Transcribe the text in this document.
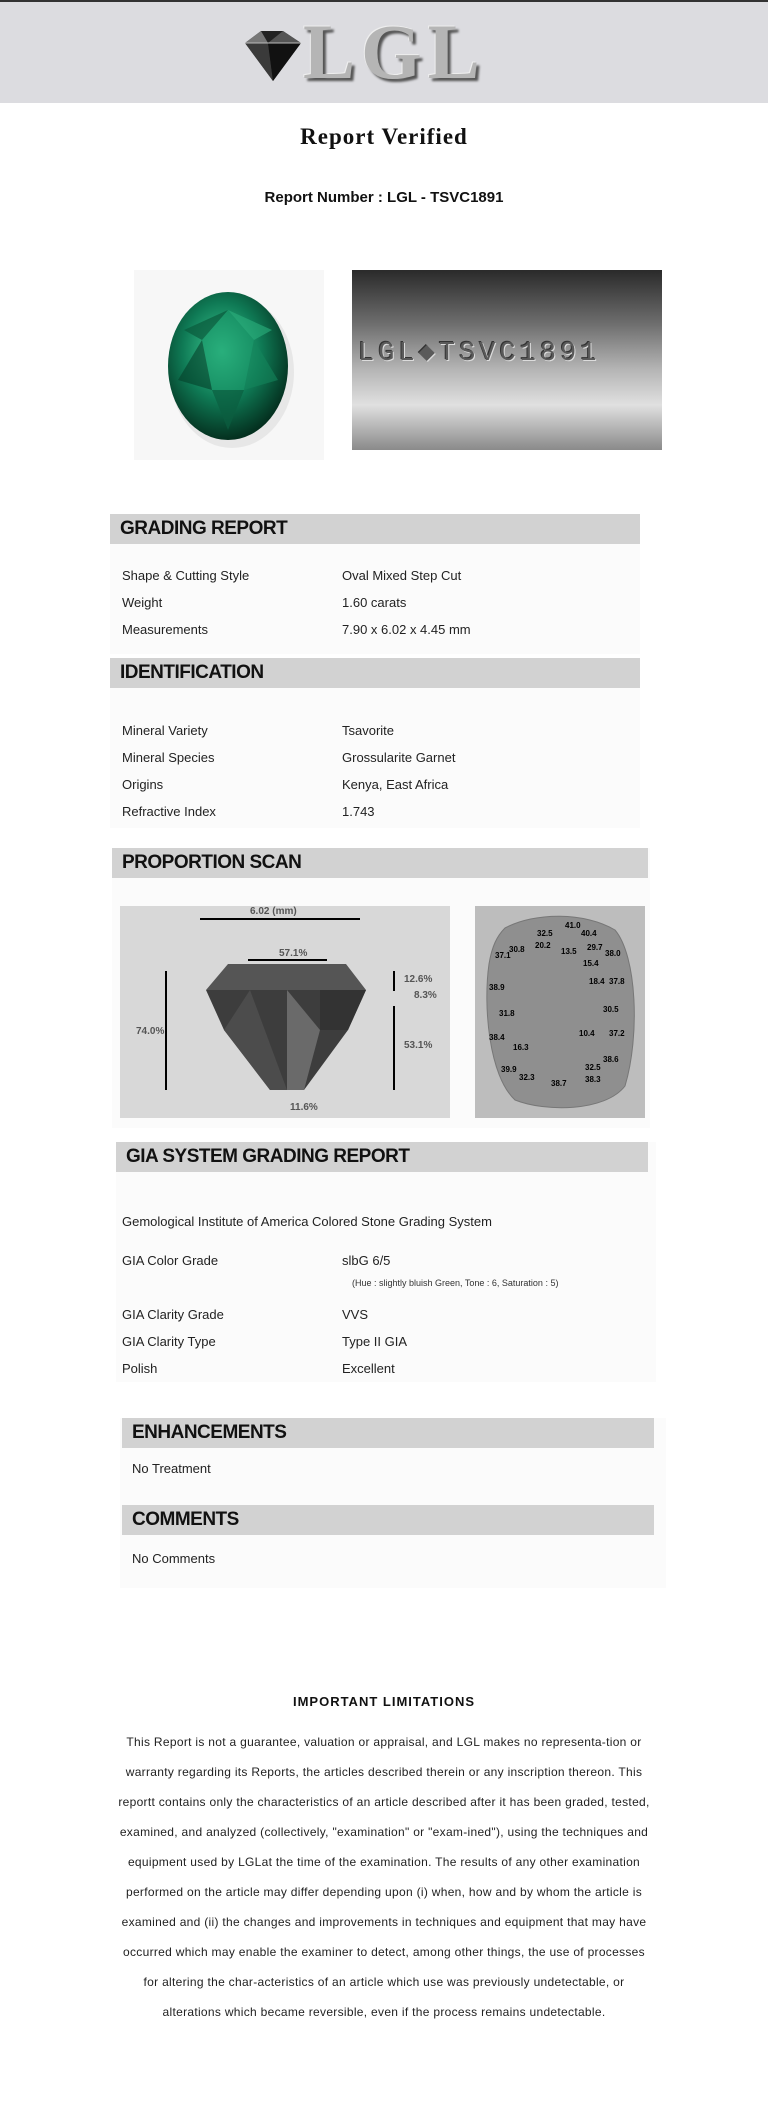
LGL
Report Verified
Report Number : LGL - TSVC1891
LGL◆TSVC1891
GRADING REPORT
Shape & Cutting Style	Oval Mixed Step Cut
Weight	1.60 carats
Measurements	7.90 x 6.02 x 4.45 mm
IDENTIFICATION
Mineral Variety	Tsavorite
Mineral Species	Grossularite Garnet
Origins	Kenya, East Africa
Refractive Index	1.743
PROPORTION SCAN
6.02 (mm)
57.1%
74.0%
12.6%
8.3%
53.1%
11.6%
41.0
32.5	40.4
30.8 20.2
13.5 29.7
38.0
37.1
15.4
38.9
18.4 37.8
31.8	30.5
38.4	10.4 37.2
16.3
38.6
39.9	32.5
32.3
38.7 38.3
GIA SYSTEM GRADING REPORT
Gemological Institute of America Colored Stone Grading System
GIA Color Grade	slbG 6/5
(Hue : slightly bluish Green, Tone : 6, Saturation : 5)
GIA Clarity Grade	VVS
GIA Clarity Type	Type II GIA
Polish	Excellent
ENHANCEMENTS
No Treatment
COMMENTS
No Comments
IMPORTANT LIMITATIONS
This Report is not a guarantee, valuation or appraisal, and LGL makes no representa-tion or warranty regarding its Reports, the articles described therein or any inscription thereon. This reportt contains only the characteristics of an article described after it has been graded, tested, examined, and analyzed (collectively, "examination" or "exam-ined"), using the techniques and equipment used by LGLat the time of the examination. The results of any other examination performed on the article may differ depending upon (i) when, how and by whom the article is examined and (ii) the changes and improvements in techniques and equipment that may have occurred which may enable the examiner to detect, among other things, the use of processes for altering the char-acteristics of an article which use was previously undetectable, or alterations which became reversible, even if the process remains undetectable.
